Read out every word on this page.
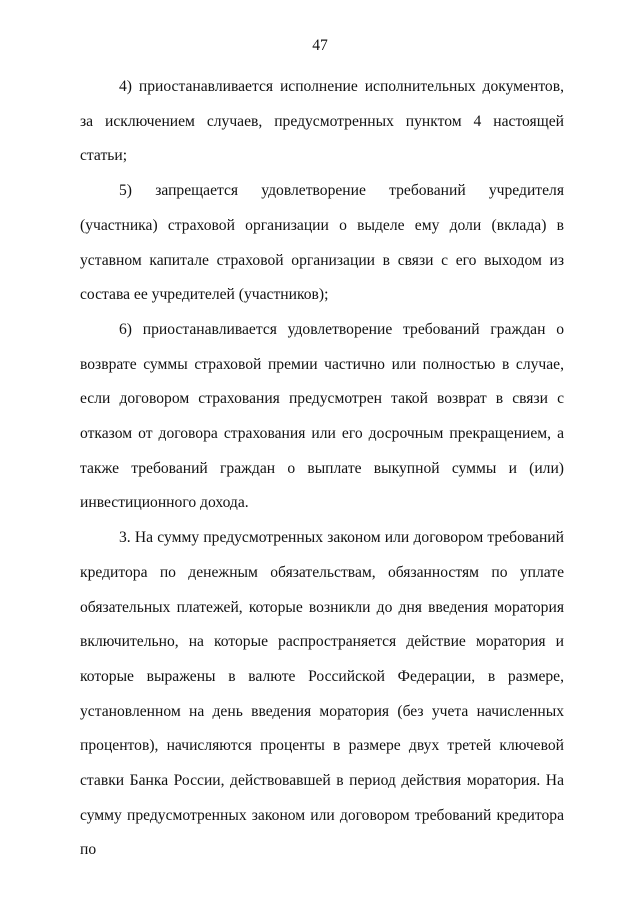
47

4) приостанавливается исполнение исполнительных документов, за исключением случаев, предусмотренных пунктом 4 настоящей статьи;

5) запрещается удовлетворение требований учредителя (участника) страховой организации о выделе ему доли (вклада) в уставном капитале страховой организации в связи с его выходом из состава ее учредителей (участников);

6) приостанавливается удовлетворение требований граждан о возврате суммы страховой премии частично или полностью в случае, если договором страхования предусмотрен такой возврат в связи с отказом от договора страхования или его досрочным прекращением, а также требований граждан о выплате выкупной суммы и (или) инвестиционного дохода.

3. На сумму предусмотренных законом или договором требований кредитора по денежным обязательствам, обязанностям по уплате обязательных платежей, которые возникли до дня введения моратория включительно, на которые распространяется действие моратория и которые выражены в валюте Российской Федерации, в размере, установленном на день введения моратория (без учета начисленных процентов), начисляются проценты в размере двух третей ключевой ставки Банка России, действовавшей в период действия моратория. На сумму предусмотренных законом или договором требований кредитора по
